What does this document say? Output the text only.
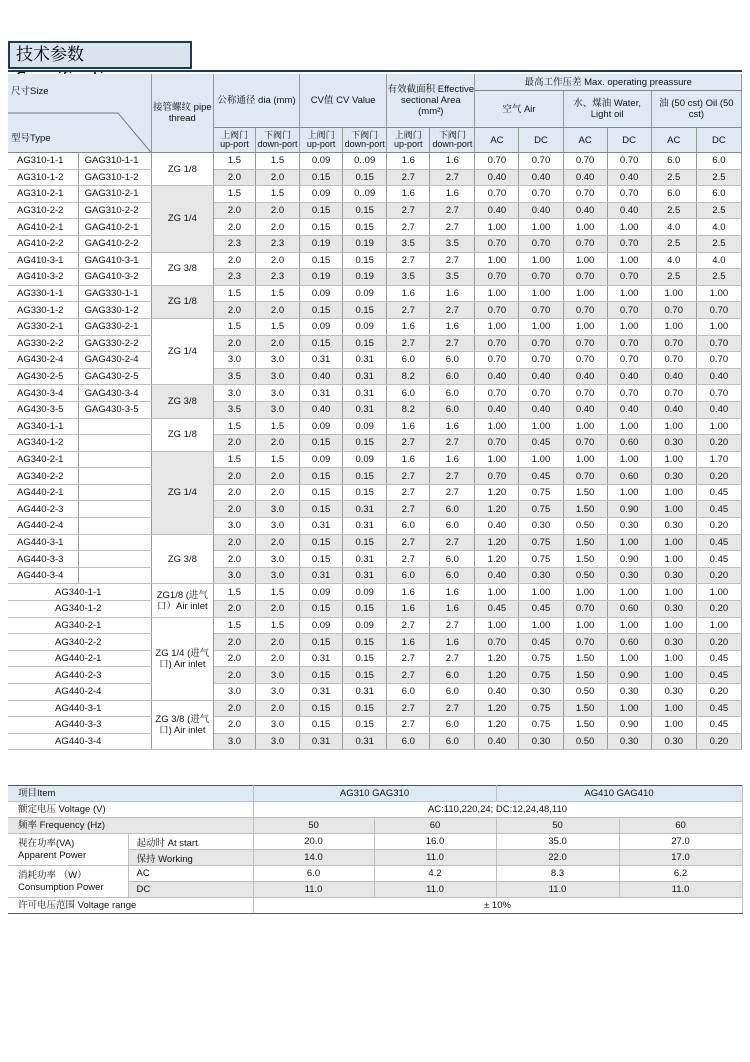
技术参数
尺寸Size
型号Type		接管螺纹 pipe thread	公称通径 dia (mm)		CV值 CV Value		有效截面积 Effective sectional Area (mm²)		最高工作压差 Max. operating preassure					
									空气 Air		水、煤油 Water, Light oil		油 (50 cst) Oil (50 cst)	
			上阀门 up-port	下阀门 down-port	上阀门 up-port	下阀门 down-port	上阀门 up-port	下阀门 down-port	AC	DC	AC	DC	AC	DC
AG310-1-1	GAG310-1-1	ZG 1/8	1.5	1.5	0.09	0..09	1.6	1.6	0.70	0.70	0.70	0.70	6.0	6.0
AG310-1-2	GAG310-1-2		2.0	2.0	0.15	0.15	2.7	2.7	0.40	0.40	0.40	0.40	2.5	2.5
AG310-2-1	GAG310-2-1	ZG 1/4	1.5	1.5	0.09	0..09	1.6	1.6	0.70	0.70	0.70	0.70	6.0	6.0
AG310-2-2	GAG310-2-2		2.0	2.0	0.15	0.15	2.7	2.7	0.40	0.40	0.40	0.40	2.5	2.5
AG410-2-1	GAG410-2-1		2.0	2.0	0.15	0.15	2.7	2.7	1.00	1.00	1.00	1.00	4.0	4.0
AG410-2-2	GAG410-2-2		2.3	2.3	0.19	0.19	3.5	3.5	0.70	0.70	0.70	0.70	2.5	2.5
AG410-3-1	GAG410-3-1	ZG 3/8	2.0	2.0	0.15	0.15	2.7	2.7	1.00	1.00	1.00	1.00	4.0	4.0
AG410-3-2	GAG410-3-2		2.3	2.3	0.19	0.19	3.5	3.5	0.70	0.70	0.70	0.70	2.5	2.5
AG330-1-1	GAG330-1-1	ZG 1/8	1.5	1.5	0.09	0.09	1.6	1.6	1.00	1.00	1.00	1.00	1.00	1.00
AG330-1-2	GAG330-1-2		2.0	2.0	0.15	0.15	2.7	2.7	0.70	0.70	0.70	0.70	0.70	0.70
AG330-2-1	GAG330-2-1	ZG 1/4	1.5	1.5	0.09	0.09	1.6	1.6	1.00	1.00	1.00	1.00	1.00	1.00
AG330-2-2	GAG330-2-2		2.0	2.0	0.15	0.15	2.7	2.7	0.70	0.70	0.70	0.70	0.70	0.70
AG430-2-4	GAG430-2-4		3.0	3.0	0.31	0.31	6.0	6.0	0.70	0.70	0.70	0.70	0.70	0.70
AG430-2-5	GAG430-2-5		3.5	3.0	0.40	0.31	8.2	6.0	0.40	0.40	0.40	0.40	0.40	0.40
AG430-3-4	GAG430-3-4	ZG 3/8	3.0	3.0	0.31	0.31	6.0	6.0	0.70	0.70	0.70	0.70	0.70	0.70
AG430-3-5	GAG430-3-5		3.5	3.0	0.40	0.31	8.2	6.0	0.40	0.40	0.40	0.40	0.40	0.40
AG340-1-1		ZG 1/8	1.5	1.5	0.09	0.09	1.6	1.6	1.00	1.00	1.00	1.00	1.00	1.00
AG340-1-2			2.0	2.0	0.15	0.15	2.7	2.7	0.70	0.45	0.70	0.60	0.30	0.20
AG340-2-1		ZG 1/4	1.5	1.5	0.09	0.09	1.6	1.6	1.00	1.00	1.00	1.00	1.00	1.70
AG340-2-2			2.0	2.0	0.15	0.15	2.7	2.7	0.70	0.45	0.70	0.60	0.30	0.20
AG440-2-1			2.0	2.0	0.15	0.15	2.7	2.7	1.20	0.75	1.50	1.00	1.00	0.45
AG440-2-3			2.0	3.0	0.15	0.31	2.7	6.0	1.20	0.75	1.50	0.90	1.00	0.45
AG440-2-4			3.0	3.0	0.31	0.31	6.0	6.0	0.40	0.30	0.50	0.30	0.30	0.20
AG440-3-1		ZG 3/8	2.0	2.0	0.15	0.15	2.7	2.7	1.20	0.75	1.50	1.00	1.00	0.45
AG440-3-3			2.0	3.0	0.15	0.31	2.7	6.0	1.20	0.75	1.50	0.90	1.00	0.45
AG440-3-4			3.0	3.0	0.31	0.31	6.0	6.0	0.40	0.30	0.50	0.30	0.30	0.20
AG340-1-1		ZG1/8 (进气口）Air inlet	1.5	1.5	0.09	0.09	1.6	1.6	1.00	1.00	1.00	1.00	1.00	1.00
AG340-1-2			2.0	2.0	0.15	0.15	1.6	1.6	0.45	0.45	0.70	0.60	0.30	0.20
AG340-2-1		ZG 1/4 (进气口) Air inlet	1.5	1.5	0.09	0.09	2.7	2.7	1.00	1.00	1.00	1.00	1.00	1.00
AG340-2-2			2.0	2.0	0.15	0.15	1.6	1.6	0.70	0.45	0.70	0.60	0.30	0.20
AG440-2-1			2.0	2.0	0.31	0.15	2.7	2.7	1.20	0.75	1.50	1.00	1.00	0.45
AG440-2-3			2.0	3.0	0.15	0.15	2.7	6.0	1.20	0.75	1.50	0.90	1.00	0.45
AG440-2-4			3.0	3.0	0.31	0.31	6.0	6.0	0.40	0.30	0.50	0.30	0.30	0.20
AG440-3-1		ZG 3/8 (进气口) Air inlet	2.0	2.0	0.15	0.15	2.7	2.7	1.20	0.75	1.50	1.00	1.00	0.45
AG440-3-3			2.0	3.0	0.15	0.15	2.7	6.0	1.20	0.75	1.50	0.90	1.00	0.45
AG440-3-4			3.0	3.0	0.31	0.31	6.0	6.0	0.40	0.30	0.50	0.30	0.30	0.20
项目Item		AG310 GAG310		AG410 GAG410	
额定电压 Voltage (V)		AC:110,220,24; DC:12,24,48,110			
频率 Frequency (Hz)		50	60	50	60

视在功率(VA)
Apparent Power	起动时 At start	20.0	16.0	35.0	27.0
	保持 Working	14.0	11.0	22.0	17.0

消耗功率 （W）
Consumption Power	AC	6.0	4.2	8.3	6.2
	DC	11.0	11.0	11.0	11.0
许可电压范围 Voltage range		± 10%			
